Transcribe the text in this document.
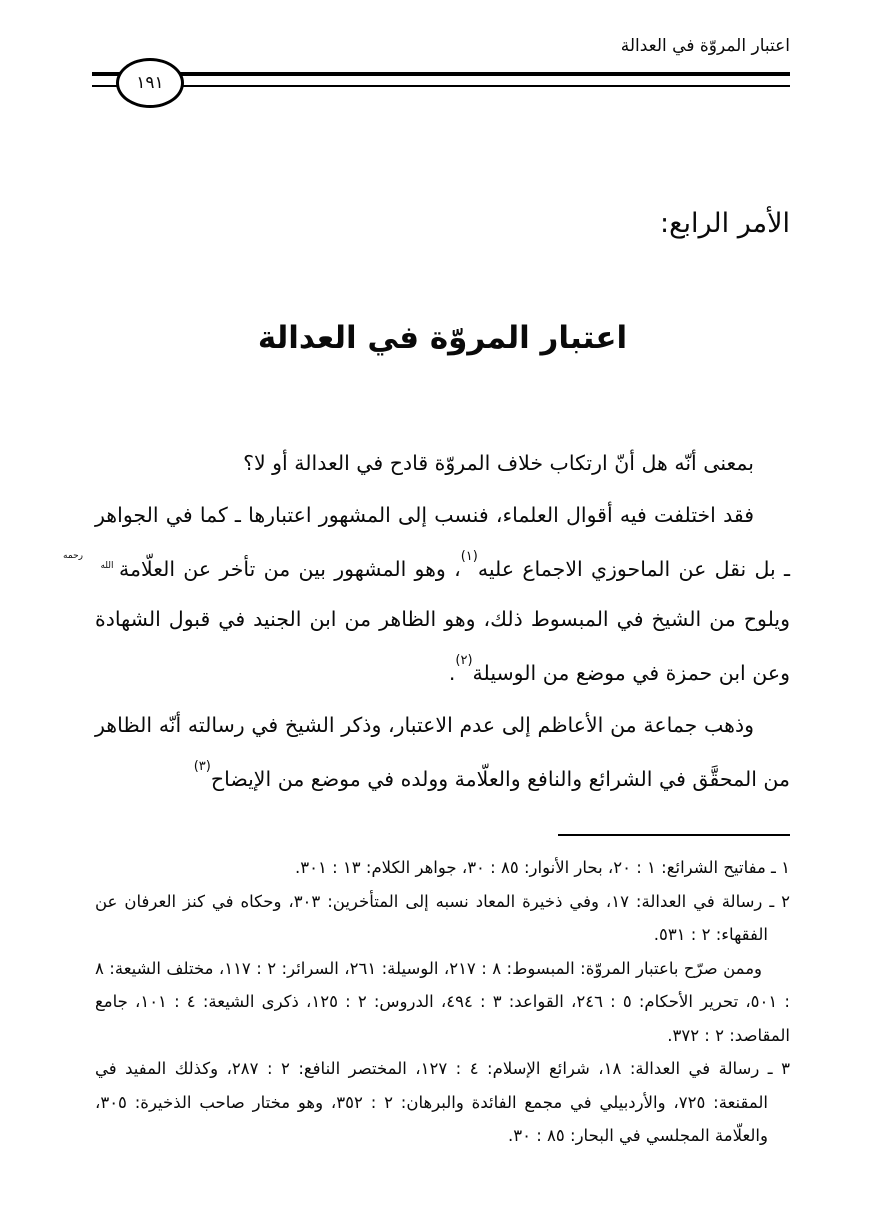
اعتبار المروّة في العدالة
١٩١
الأمر الرابع:
اعتبار المروّة في العدالة

بمعنى أنّه هل أنّ ارتكاب خلاف المروّة قادح في العدالة أو لا؟

فقد اختلفت فيه أقوال العلماء، فنسب إلى المشهور اعتبارها ـ كما في الجواهر ـ بل نقل عن الماحوزي الاجماع عليه$^{(١)}$، وهو المشهور بين من تأخر عن العلّامةرحمه الله ويلوح من الشيخ في المبسوط ذلك، وهو الظاهر من ابن الجنيد في قبول الشهادة وعن ابن حمزة في موضع من الوسيلة$^{(٢)}$.

وذهب جماعة من الأعاظم إلى عدم الاعتبار، وذكر الشيخ في رسالته أنّه الظاهر من المحقَّق في الشرائع والنافع والعلّامة وولده في موضع من الإيضاح$^{(٣)}$

١ ـ مفاتيح الشرائع: ١ : ٢٠، بحار الأنوار: ٨٥ : ٣٠، جواهر الكلام: ١٣ : ٣٠١.

٢ ـ رسالة في العدالة: ١٧، وفي ذخيرة المعاد نسبه إلى المتأخرين: ٣٠٣، وحكاه في كنز العرفان عن الفقهاء: ٢ : ٥٣١.

وممن صرّح باعتبار المروّة: المبسوط: ٨ : ٢١٧، الوسيلة: ٢٦١، السرائر: ٢ : ١١٧، مختلف الشيعة: ٨ : ٥٠١، تحرير الأحكام: ٥ : ٢٤٦، القواعد: ٣ : ٤٩٤، الدروس: ٢ : ١٢٥، ذكرى الشيعة: ٤ : ١٠١، جامع المقاصد: ٢ : ٣٧٢.

٣ ـ رسالة في العدالة: ١٨، شرائع الإسلام: ٤ : ١٢٧، المختصر النافع: ٢ : ٢٨٧، وكذلك المفيد في المقنعة: ٧٢٥، والأردبيلي في مجمع الفائدة والبرهان: ٢ : ٣٥٢، وهو مختار صاحب الذخيرة: ٣٠٥، والعلّامة المجلسي في البحار: ٨٥ : ٣٠.
